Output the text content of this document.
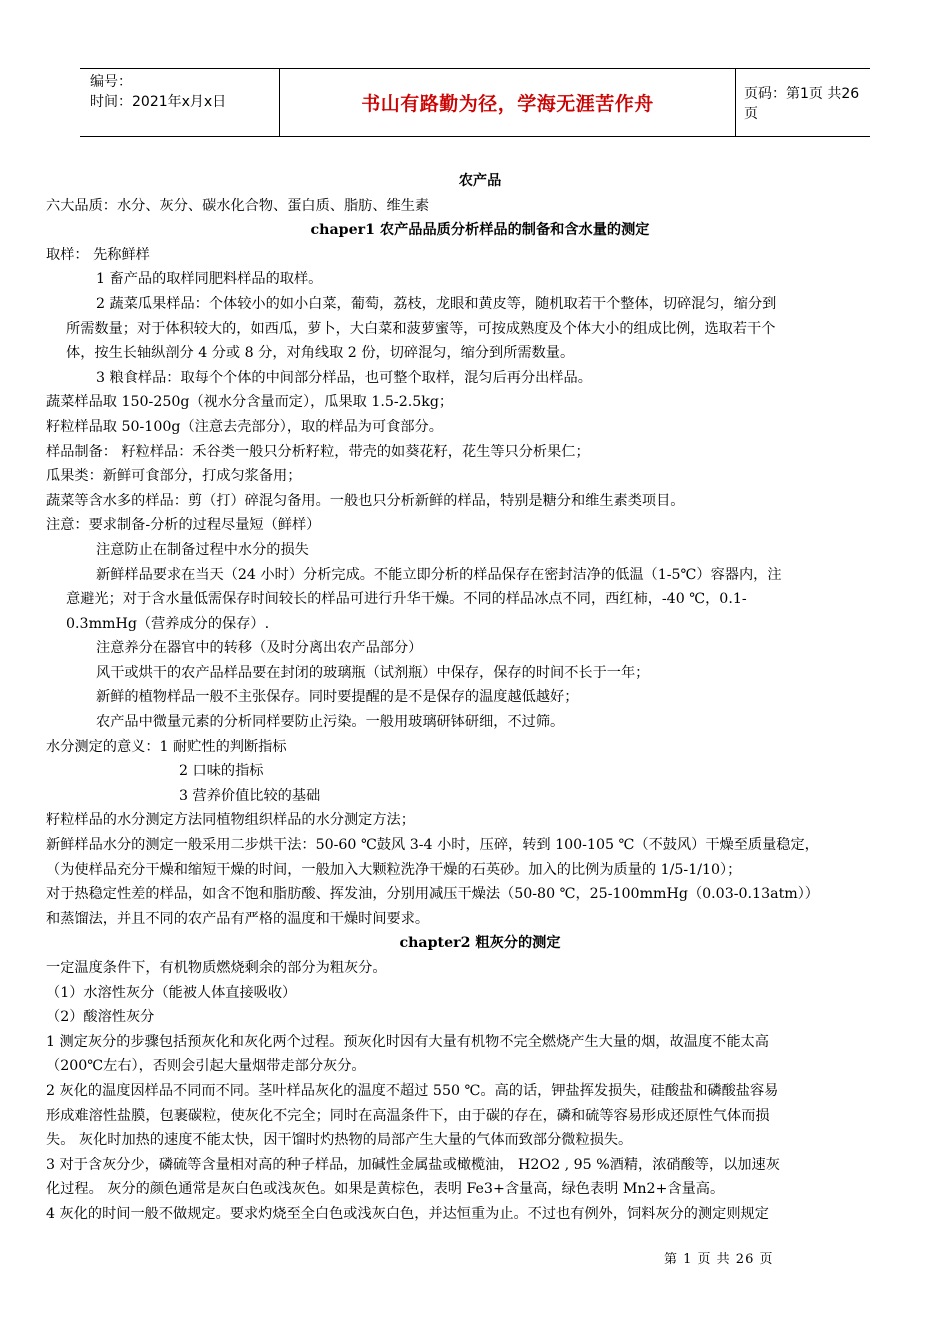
编号：
时间：2021年x月x日	书山有路勤为径，学海无涯苦作舟	页码：第1页 共26页
农产品
六大品质：水分、灰分、碳水化合物、蛋白质、脂肪、维生素
chaper1 农产品品质分析样品的制备和含水量的测定
取样： 先称鲜样
1 畜产品的取样同肥料样品的取样。
2 蔬菜瓜果样品：个体较小的如小白菜，葡萄，荔枝，龙眼和黄皮等，随机取若干个整体，切碎混匀，缩分到
所需数量；对于体积较大的，如西瓜，萝卜，大白菜和菠萝蜜等，可按成熟度及个体大小的组成比例，选取若干个
体，按生长轴纵剖分 4 分或 8 分，对角线取 2 份，切碎混匀，缩分到所需数量。
3 粮食样品：取每个个体的中间部分样品，也可整个取样，混匀后再分出样品。
蔬菜样品取 150-250g（视水分含量而定），瓜果取 1.5-2.5kg；
籽粒样品取 50-100g（注意去壳部分），取的样品为可食部分。
样品制备： 籽粒样品：禾谷类一般只分析籽粒，带壳的如葵花籽，花生等只分析果仁；
瓜果类：新鲜可食部分，打成匀浆备用；
蔬菜等含水多的样品：剪（打）碎混匀备用。一般也只分析新鲜的样品，特别是糖分和维生素类项目。
注意：要求制备-分析的过程尽量短（鲜样）
注意防止在制备过程中水分的损失
新鲜样品要求在当天（24 小时）分析完成。不能立即分析的样品保存在密封洁净的低温（1-5℃）容器内，注
意避光；对于含水量低需保存时间较长的样品可进行升华干燥。不同的样品冰点不同，西红柿，-40 ℃，0.1-
0.3mmHg（营养成分的保存）.
注意养分在器官中的转移（及时分离出农产品部分）
风干或烘干的农产品样品要在封闭的玻璃瓶（试剂瓶）中保存，保存的时间不长于一年；
新鲜的植物样品一般不主张保存。同时要提醒的是不是保存的温度越低越好；
农产品中微量元素的分析同样要防止污染。一般用玻璃研钵研细，不过筛。
水分测定的意义：1 耐贮性的判断指标
2 口味的指标
3 营养价值比较的基础
籽粒样品的水分测定方法同植物组织样品的水分测定方法；
新鲜样品水分的测定一般采用二步烘干法：50-60 ℃鼓风 3-4 小时，压碎，转到 100-105 ℃（不鼓风）干燥至质量稳定，
（为使样品充分干燥和缩短干燥的时间，一般加入大颗粒洗净干燥的石英砂。加入的比例为质量的 1/5-1/10）；
对于热稳定性差的样品，如含不饱和脂肪酸、挥发油，分别用减压干燥法（50-80 ℃，25-100mmHg（0.03-0.13atm））
和蒸馏法，并且不同的农产品有严格的温度和干燥时间要求。
chapter2 粗灰分的测定
一定温度条件下，有机物质燃烧剩余的部分为粗灰分。
（1）水溶性灰分（能被人体直接吸收）
（2）酸溶性灰分
1 测定灰分的步骤包括预灰化和灰化两个过程。预灰化时因有大量有机物不完全燃烧产生大量的烟，故温度不能太高
（200℃左右），否则会引起大量烟带走部分灰分。
2 灰化的温度因样品不同而不同。茎叶样品灰化的温度不超过 550 ℃。高的话，钾盐挥发损失，硅酸盐和磷酸盐容易
形成难溶性盐膜，包裹碳粒，使灰化不完全；同时在高温条件下，由于碳的存在，磷和硫等容易形成还原性气体而损
失。 灰化时加热的速度不能太快，因干馏时灼热物的局部产生大量的气体而致部分微粒损失。
3 对于含灰分少，磷硫等含量相对高的种子样品，加碱性金属盐或橄榄油， H2O2 , 95 %酒精，浓硝酸等，以加速灰
化过程。 灰分的颜色通常是灰白色或浅灰色。如果是黄棕色，表明 Fe3+含量高，绿色表明 Mn2+含量高。
4 灰化的时间一般不做规定。要求灼烧至全白色或浅灰白色，并达恒重为止。不过也有例外，饲料灰分的测定则规定
第 1 页 共 26 页
